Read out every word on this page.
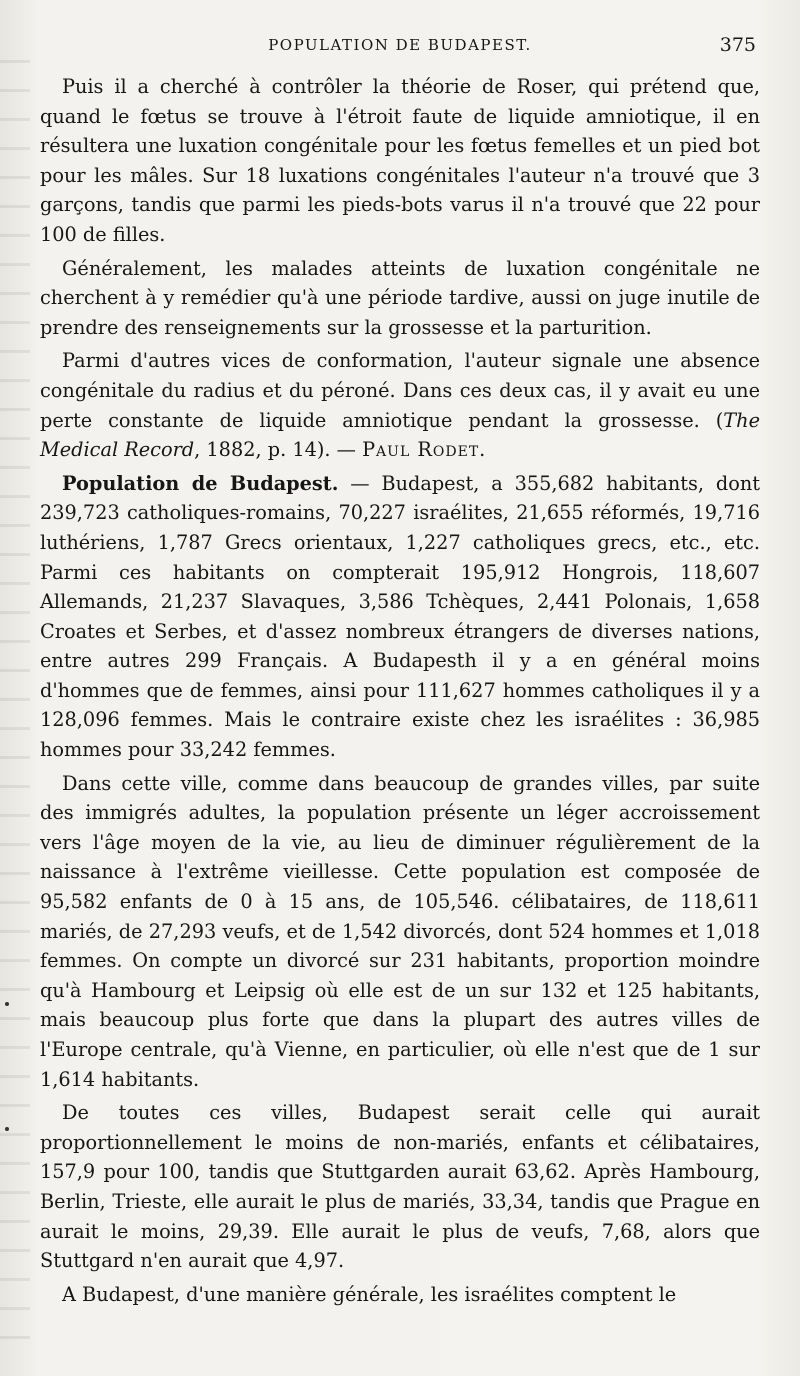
POPULATION DE BUDAPEST.	375

Puis il a cherché à contrôler la théorie de Roser, qui prétend que, quand le fœtus se trouve à l'étroit faute de liquide amniotique, il en résultera une luxation congénitale pour les fœtus femelles et un pied bot pour les mâles. Sur 18 luxations congénitales l'auteur n'a trouvé que 3 garçons, tandis que parmi les pieds-bots varus il n'a trouvé que 22 pour 100 de filles.

Généralement, les malades atteints de luxation congénitale ne cherchent à y remédier qu'à une période tardive, aussi on juge inutile de prendre des renseignements sur la grossesse et la parturition.

Parmi d'autres vices de conformation, l'auteur signale une absence congénitale du radius et du péroné. Dans ces deux cas, il y avait eu une perte constante de liquide amniotique pendant la grossesse. (The Medical Record, 1882, p. 14). — Paul Rodet.

Population de Budapest. — Budapest, a 355,682 habitants, dont 239,723 catholiques-romains, 70,227 israélites, 21,655 réformés, 19,716 luthériens, 1,787 Grecs orientaux, 1,227 catholiques grecs, etc., etc. Parmi ces habitants on compterait 195,912 Hongrois, 118,607 Allemands, 21,237 Slavaques, 3,586 Tchèques, 2,441 Polonais, 1,658 Croates et Serbes, et d'assez nombreux étrangers de diverses nations, entre autres 299 Français. A Budapesth il y a en général moins d'hommes que de femmes, ainsi pour 111,627 hommes catholiques il y a 128,096 femmes. Mais le contraire existe chez les israélites : 36,985 hommes pour 33,242 femmes.

Dans cette ville, comme dans beaucoup de grandes villes, par suite des immigrés adultes, la population présente un léger accroissement vers l'âge moyen de la vie, au lieu de diminuer régulièrement de la naissance à l'extrême vieillesse. Cette population est composée de 95,582 enfants de 0 à 15 ans, de 105,546. célibataires, de 118,611 mariés, de 27,293 veufs, et de 1,542 divorcés, dont 524 hommes et 1,018 femmes. On compte un divorcé sur 231 habitants, proportion moindre qu'à Hambourg et Leipsig où elle est de un sur 132 et 125 habitants, mais beaucoup plus forte que dans la plupart des autres villes de l'Europe centrale, qu'à Vienne, en particulier, où elle n'est que de 1 sur 1,614 habitants.

De toutes ces villes, Budapest serait celle qui aurait proportionnellement le moins de non-mariés, enfants et célibataires, 157,9 pour 100, tandis que Stuttgarden aurait 63,62. Après Hambourg, Berlin, Trieste, elle aurait le plus de mariés, 33,34, tandis que Prague en aurait le moins, 29,39. Elle aurait le plus de veufs, 7,68, alors que Stuttgard n'en aurait que 4,97.

A Budapest, d'une manière générale, les israélites comptent le
